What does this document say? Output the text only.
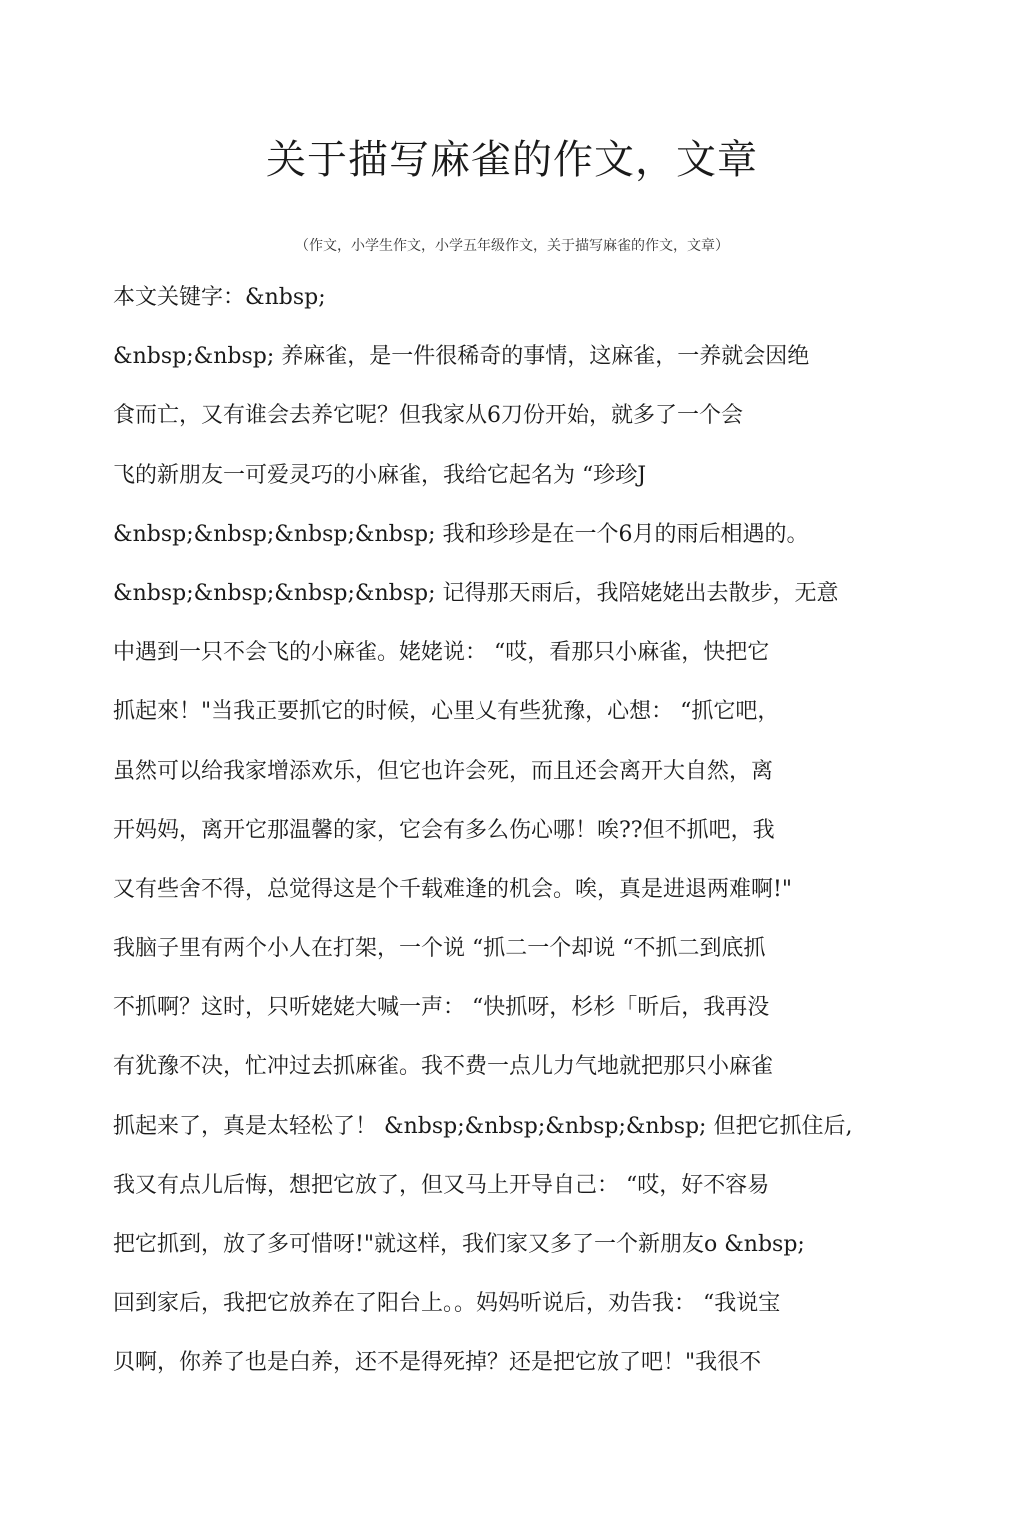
关于描写麻雀的作文，文章
（作文，小学生作文，小学五年级作文，关于描写麻雀的作文，文章）
本文关键字：&nbsp;
&nbsp;&nbsp; 养麻雀，是一件很稀奇的事情，这麻雀，一养就会因绝
食而亡，又有谁会去养它呢？但我家从6刀份开始，就多了一个会
飞的新朋友一可爱灵巧的小麻雀，我给它起名为 “珍珍J
&nbsp;&nbsp;&nbsp;&nbsp; 我和珍珍是在一个6月的雨后相遇的。
&nbsp;&nbsp;&nbsp;&nbsp; 记得那天雨后，我陪姥姥出去散步，无意
中遇到一只不会飞的小麻雀。姥姥说： “哎，看那只小麻雀，快把它
抓起來！"当我正要抓它的时候，心里乂有些犹豫，心想： “抓它吧，
虽然可以给我家增添欢乐，但它也许会死，而且还会离开大自然，离
开妈妈，离开它那温馨的家，它会有多么伤心哪！唉??但不抓吧，我
又有些舍不得，总觉得这是个千载难逢的机会。唉，真是进退两难啊!"
我脑子里有两个小人在打架，一个说 “抓二一个却说 “不抓二到底抓
不抓啊？这时，只听姥姥大喊一声： “快抓呀，杉杉「昕后，我再没
有犹豫不决，忙冲过去抓麻雀。我不费一点儿力气地就把那只小麻雀
抓起来了，真是太轻松了！ &nbsp;&nbsp;&nbsp;&nbsp; 但把它抓住后,
我又有点儿后悔，想把它放了，但又马上开导自己： “哎，好不容易
把它抓到，放了多可惜呀!"就这样，我们家又多了一个新朋友o &nbsp;
回到家后，我把它放养在了阳台上。。妈妈听说后，劝告我： “我说宝
贝啊，你养了也是白养，还不是得死掉？还是把它放了吧！"我很不
